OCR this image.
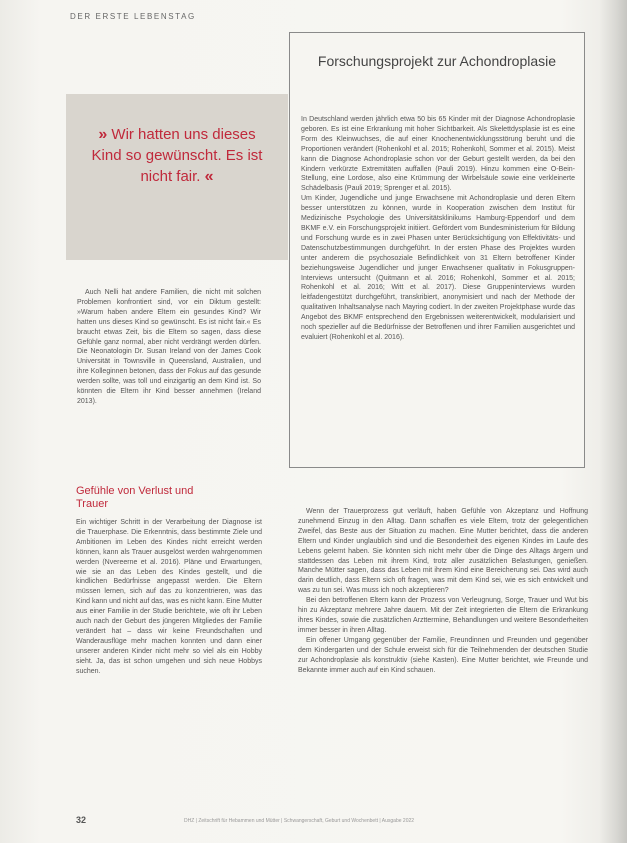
DER ERSTE LEBENSTAG
» Wir hatten uns dieses Kind so gewünscht. Es ist nicht fair. «

Auch Nelli hat andere Familien, die nicht mit solchen Problemen konfrontiert sind, vor ein Diktum gestellt: »Warum haben andere Eltern ein gesundes Kind? Wir hatten uns dieses Kind so gewünscht. Es ist nicht fair.« Es braucht etwas Zeit, bis die Eltern so sagen, dass diese Gefühle ganz normal, aber nicht verdrängt werden dürfen. Die Neonatologin Dr. Susan Ireland von der James Cook Universität in Townsville in Queensland, Australien, und ihre Kolleginnen betonen, dass der Fokus auf das gesunde werden sollte, was toll und einzigartig an dem Kind ist. So könnten die Eltern ihr Kind besser annehmen (Ireland 2013).

Gefühle von Verlust und Trauer

Ein wichtiger Schritt in der Verarbeitung der Diagnose ist die Trauerphase. Die Erkenntnis, dass bestimmte Ziele und Ambitionen im Leben des Kindes nicht erreicht werden können, kann als Trauer ausgelöst werden wahrgenommen werden (Nvereerne et al. 2016). Pläne und Erwartungen, wie sie an das Leben des Kindes gestellt, und die kindlichen Bedürfnisse angepasst werden. Die Eltern müssen lernen, sich auf das zu konzentrieren, was das Kind kann und nicht auf das, was es nicht kann. Eine Mutter aus einer Familie in der Studie berichtete, wie oft ihr Leben auch nach der Geburt des jüngeren Mitgliedes der Familie verändert hat – dass wir keine Freundschaften und Wanderausflüge mehr machen konnten und dann einer unserer anderen Kinder nicht mehr so viel als ein Hobby sieht. Ja, das ist schon umgehen und sich neue Hobbys suchen.

Forschungsprojekt zur Achondroplasie

In Deutschland werden jährlich etwa 50 bis 65 Kinder mit der Diagnose Achondroplasie geboren. Es ist eine Erkrankung mit hoher Sichtbarkeit. Als Skelettdysplasie ist es eine Form des Kleinwuchses, die auf einer Knochenentwicklungsstörung beruht und die Proportionen verändert (Rohenkohl et al. 2015; Rohenkohl, Sommer et al. 2015). Meist kann die Diagnose Achondroplasie schon vor der Geburt gestellt werden, da bei den Kindern verkürzte Extremitäten auffallen (Pauli 2019). Hinzu kommen eine O-Bein-Stellung, eine Lordose, also eine Krümmung der Wirbelsäule sowie eine verkleinerte Schädelbasis (Pauli 2019; Sprenger et al. 2015).

Um Kinder, Jugendliche und junge Erwachsene mit Achondroplasie und deren Eltern besser unterstützen zu können, wurde in Kooperation zwischen dem Institut für Medizinische Psychologie des Universitätsklinikums Hamburg-Eppendorf und dem BKMF e.V. ein Forschungsprojekt initiiert. Gefördert vom Bundesministerium für Bildung und Forschung wurde es in zwei Phasen unter Berücksichtigung von Effektivitäts- und Datenschutzbestimmungen durchgeführt. In der ersten Phase des Projektes wurden unter anderem die psychosoziale Befindlichkeit von 31 Eltern betroffener Kinder beziehungsweise Jugendlicher und junger Erwachsener qualitativ in Fokusgruppen-Interviews untersucht (Quitmann et al. 2016; Rohenkohl, Sommer et al. 2015; Rohenkohl et al. 2016; Witt et al. 2017). Diese Gruppeninterviews wurden leitfadengestützt durchgeführt, transkribiert, anonymisiert und nach der Methode der qualitativen Inhaltsanalyse nach Mayring codiert. In der zweiten Projektphase wurde das Angebot des BKMF entsprechend den Ergebnissen weiterentwickelt, modularisiert und noch spezieller auf die Bedürfnisse der Betroffenen und ihrer Familien ausgerichtet und evaluiert (Rohenkohl et al. 2016).

Wenn der Trauerprozess gut verläuft, haben Gefühle von Akzeptanz und Hoffnung zunehmend Einzug in den Alltag. Dann schaffen es viele Eltern, trotz der gelegentlichen Zweifel, das Beste aus der Situation zu machen. Eine Mutter berichtet, dass die anderen Eltern und Kinder unglaublich sind und die Besonderheit des eigenen Kindes im Laufe des Lebens gelernt haben. Sie könnten sich nicht mehr über die Dinge des Alltags ärgern und stattdessen das Leben mit ihrem Kind, trotz aller zusätzlichen Belastungen, genießen. Manche Mütter sagen, dass das Leben mit ihrem Kind eine Bereicherung sei. Das wird auch darin deutlich, dass Eltern sich oft fragen, was mit dem Kind sei, wie es sich entwickelt und was zu tun sei. Was muss ich noch akzeptieren?

Bei den betroffenen Eltern kann der Prozess von Verleugnung, Sorge, Trauer und Wut bis hin zu Akzeptanz mehrere Jahre dauern. Mit der Zeit integrierten die Eltern die Erkrankung ihres Kindes, sowie die zusätzlichen Arzttermine, Behandlungen und weitere Besonderheiten immer besser in ihren Alltag.

Ein offener Umgang gegenüber der Familie, Freundinnen und Freunden und gegenüber dem Kindergarten und der Schule erweist sich für die Teilnehmenden der deutschen Studie zur Achondroplasie als konstruktiv (siehe Kasten). Eine Mutter berichtet, wie Freunde und Bekannte immer auch auf ein Kind schauen.

32	DHZ | Zeitschrift für Hebammen und Mütter | Schwangerschaft, Geburt und Wochenbett | Ausgabe 2022
